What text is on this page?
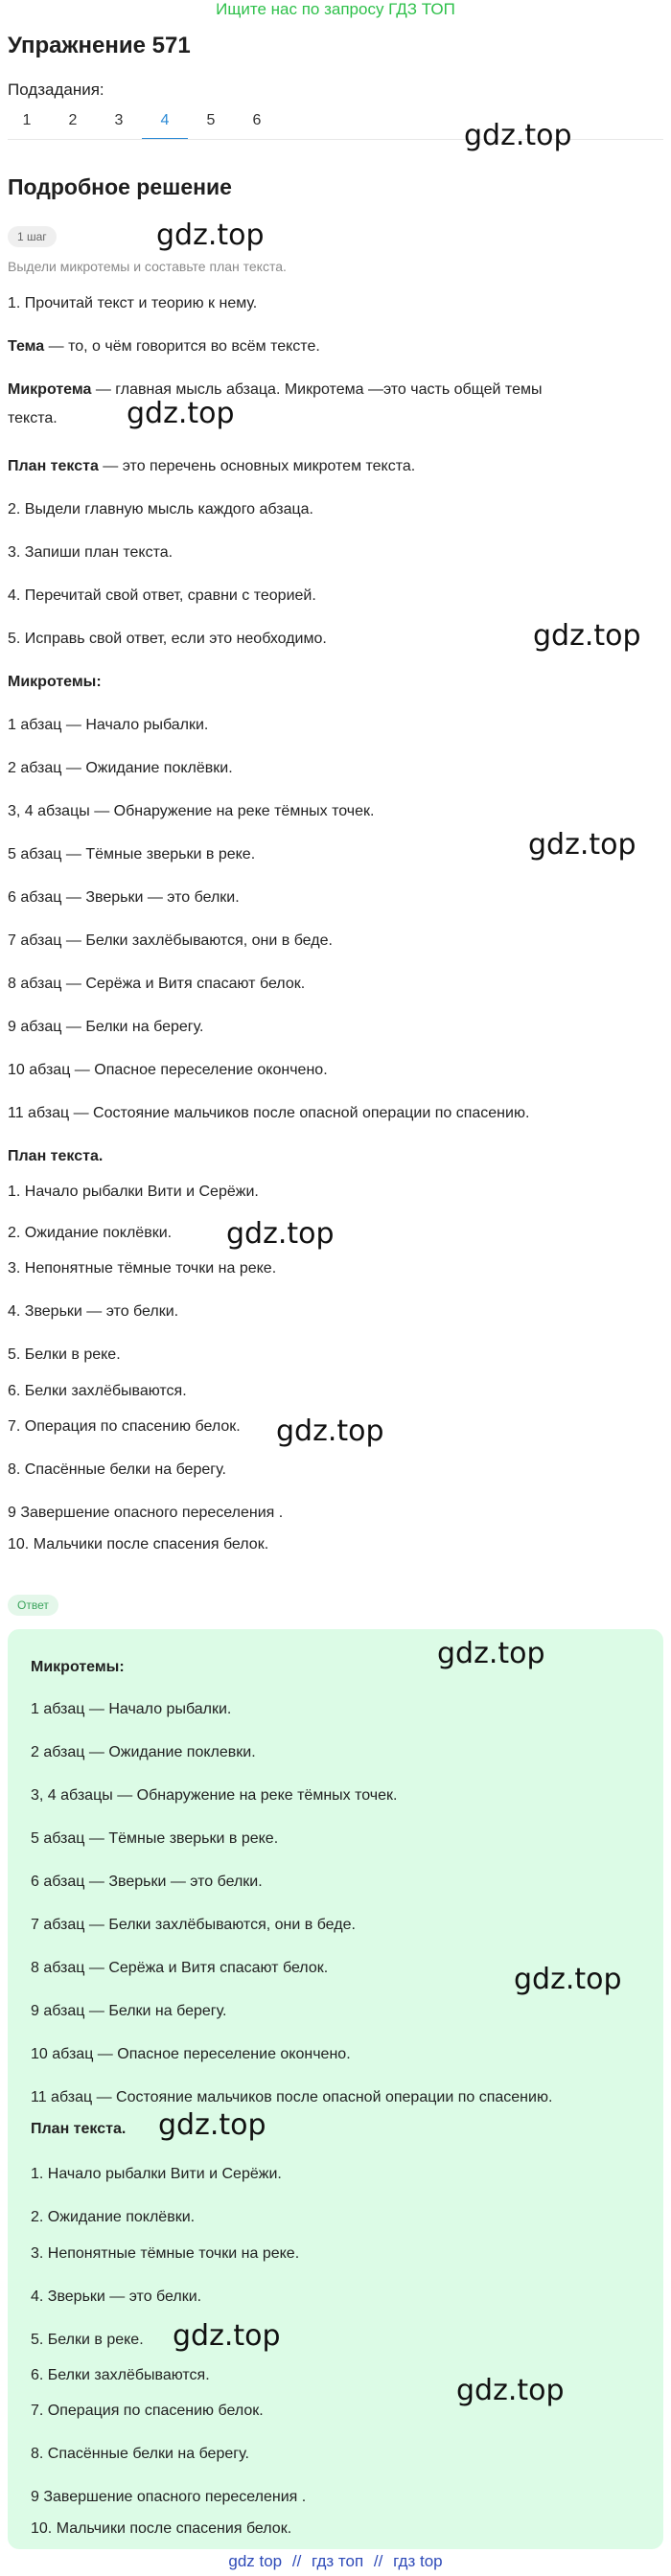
Ищите нас по запросу ГДЗ ТОП
Упражнение 571
Подзадания:
1	2	3	4	5	6
Подробное решение
1 шаг
Выдели микротемы и составьте план текста.
1. Прочитай текст и теорию к нему.
Тема — то, о чём говорится во всём тексте.
Микротема — главная мысль абзаца. Микротема —это часть общей темы
текста.
План текста — это перечень основных микротем текста.
2. Выдели главную мысль каждого абзаца.
3. Запиши план текста.
4. Перечитай свой ответ, сравни с теорией.
5. Исправь свой ответ, если это необходимо.
Микротемы:
1 абзац — Начало рыбалки.
2 абзац — Ожидание поклёвки.
3, 4 абзацы — Обнаружение на реке тёмных точек.
5 абзац — Тёмные зверьки в реке.
6 абзац — Зверьки — это белки.
7 абзац — Белки захлёбываются, они в беде.
8 абзац — Серёжа и Витя спасают белок.
9 абзац — Белки на берегу.
10 абзац — Опасное переселение окончено.
11 абзац — Состояние мальчиков после опасной операции по спасению.
План текста.
1. Начало рыбалки Вити и Серёжи.
2. Ожидание поклёвки.
3. Непонятные тёмные точки на реке.
4. Зверьки — это белки.
5. Белки в реке.
6. Белки захлёбываются.
7. Операция по спасению белок.
8. Спасённые белки на берегу.
9 Завершение опасного переселения .
10. Мальчики после спасения белок.
Ответ
Микротемы:
1 абзац — Начало рыбалки.
2 абзац — Ожидание поклевки.
3, 4 абзацы — Обнаружение на реке тёмных точек.
5 абзац — Тёмные зверьки в реке.
6 абзац — Зверьки — это белки.
7 абзац — Белки захлёбываются, они в беде.
8 абзац — Серёжа и Витя спасают белок.
9 абзац — Белки на берегу.
10 абзац — Опасное переселение окончено.
11 абзац — Состояние мальчиков после опасной операции по спасению.
План текста.
1. Начало рыбалки Вити и Серёжи.
2. Ожидание поклёвки.
3. Непонятные тёмные точки на реке.
4. Зверьки — это белки.
5. Белки в реке.
6. Белки захлёбываются.
7. Операция по спасению белок.
8. Спасённые белки на берегу.
9 Завершение опасного переселения .
10. Мальчики после спасения белок.
gdz.top
gdz.top
gdz.top
gdz.top
gdz.top
gdz.top
gdz.top
gdz.top
gdz.top
gdz.top
gdz.top
gdz.top
gdz top // гдз топ // гдз top
